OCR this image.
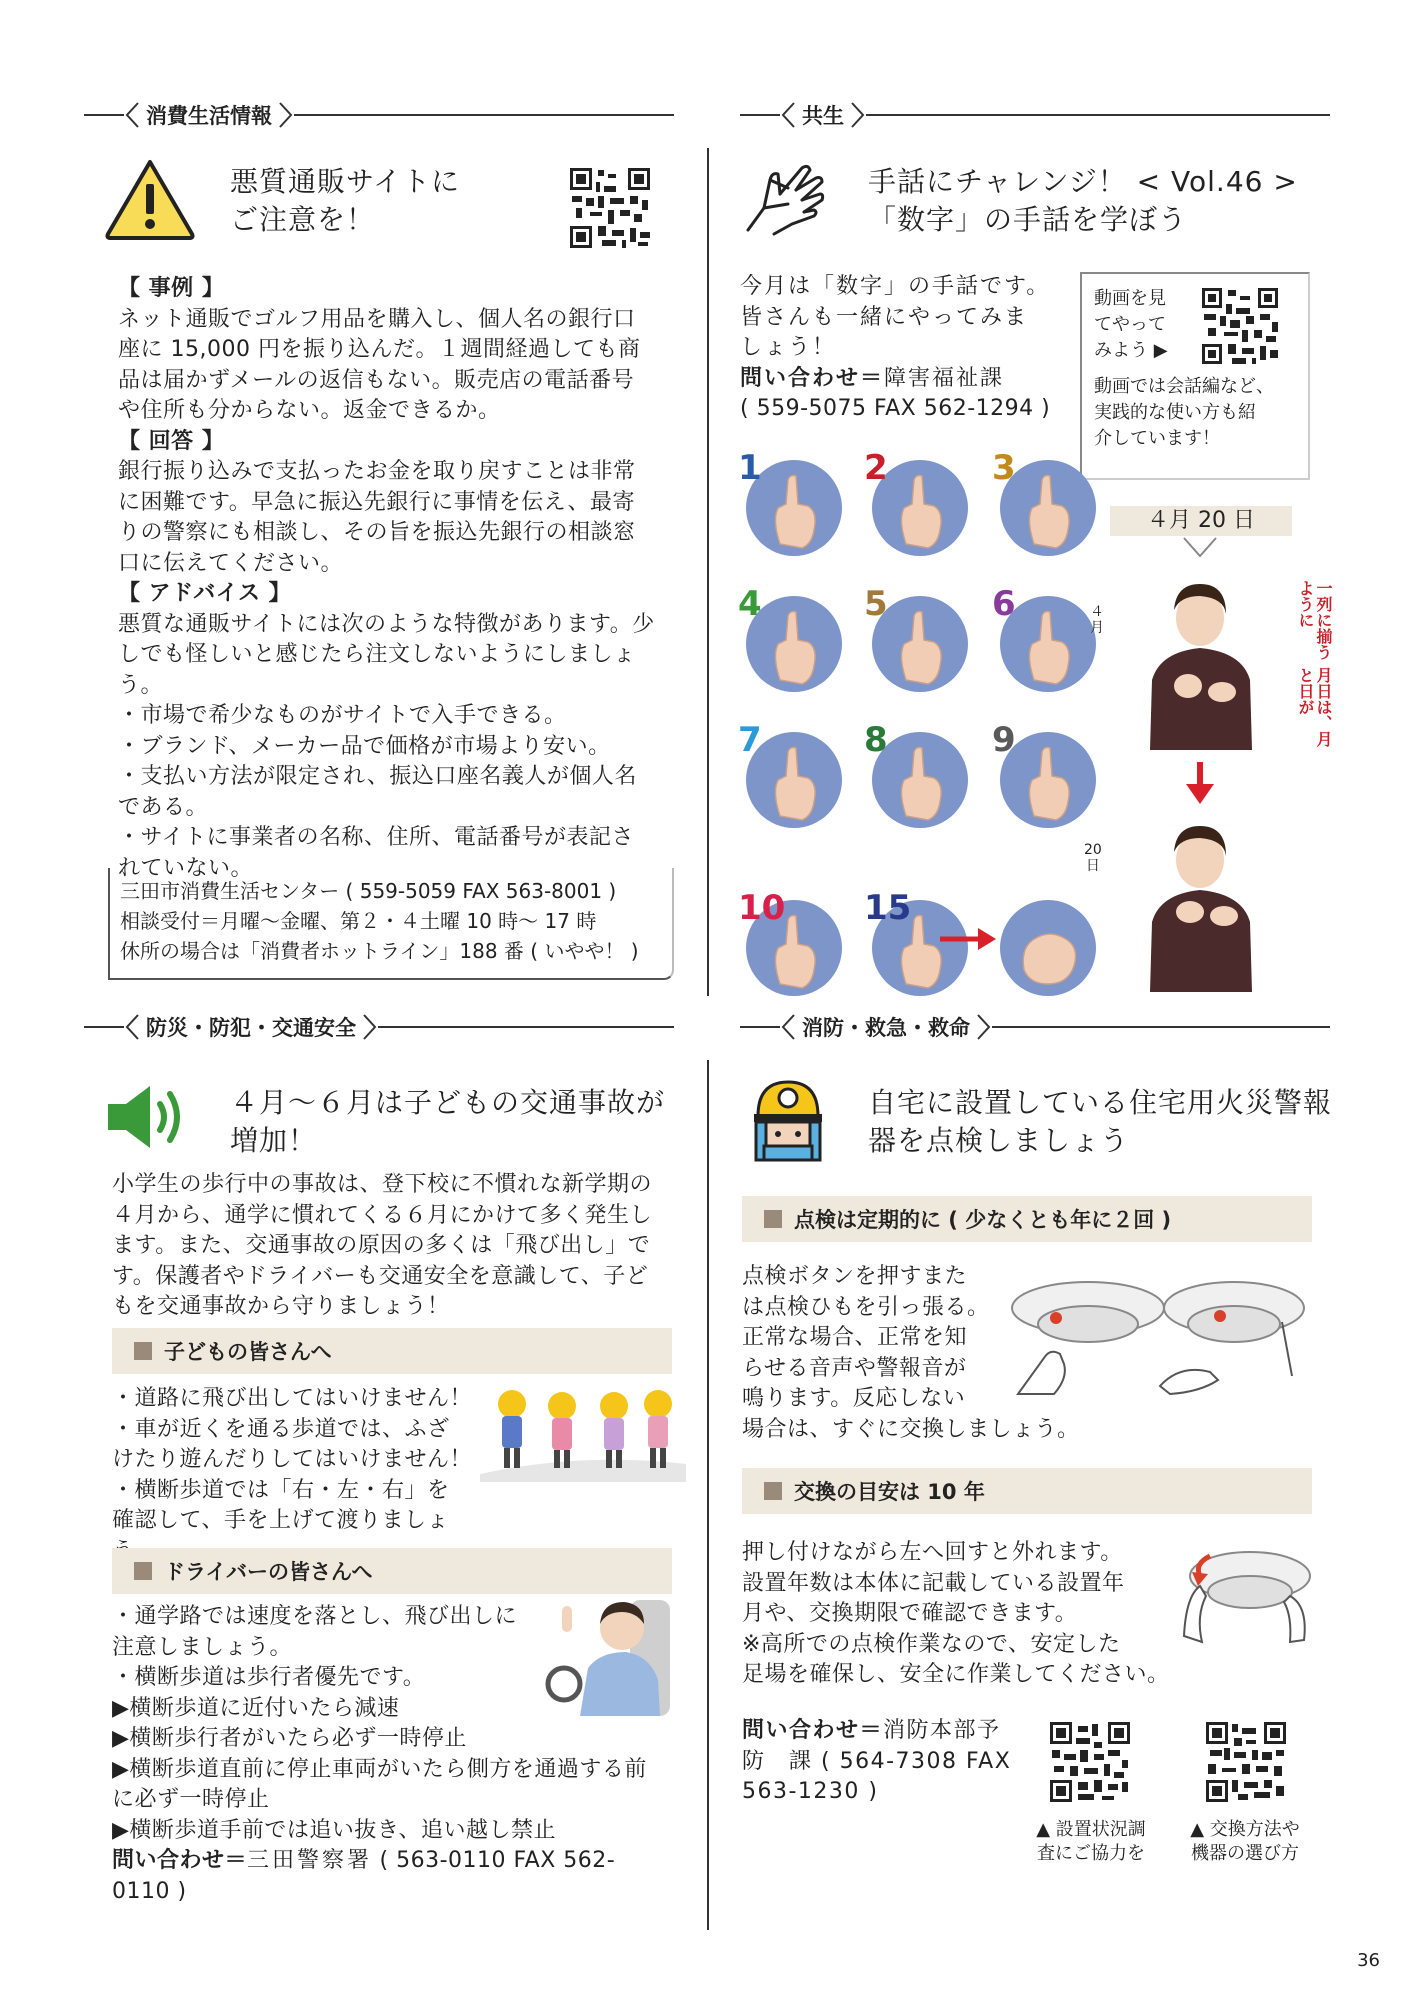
消費生活情報	共生
防災・防犯・交通安全	消防・救急・救命
悪質通販サイトに
ご注意を！
【 事例 】
ネット通販でゴルフ用品を購入し、個人名の銀行口
座に 15,000 円を振り込んだ。１週間経過しても商
品は届かずメールの返信もない。販売店の電話番号
や住所も分からない。返金できるか。
【 回答 】
銀行振り込みで支払ったお金を取り戻すことは非常
に困難です。早急に振込先銀行に事情を伝え、最寄
りの警察にも相談し、その旨を振込先銀行の相談窓
口に伝えてください。
【 アドバイス 】
悪質な通販サイトには次のような特徴があります。少
しでも怪しいと感じたら注文しないようにしましょう。
・市場で希少なものがサイトで入手できる。
・ブランド、メーカー品で価格が市場より安い。
・支払い方法が限定され、振込口座名義人が個人名
である。
・サイトに事業者の名称、住所、電話番号が表記さ
れていない。
三田市消費生活センター ( 559-5059 FAX 563-8001 )
相談受付＝月曜～金曜、第２・４土曜 10 時～ 17 時
休所の場合は「消費者ホットライン」188 番 ( いやや！ )
手話にチャレンジ！ < Vol.46 >
「数字」の手話を学ぼう
今月は「数字」の手話です。
皆さんも一緒にやってみま
しょう！
問い合わせ＝障害福祉課
( 559-5075 FAX 562-1294 )
動画を見
てやって
みよう ▶
動画では会話編など、
実践的な使い方も紹
介しています！
４月 20 日
1	2	3
4	5	6
7	8	9
10 15
４
月
月日は、月と日が
一列に揃うように
20
日
４月～６月は子どもの交通事故が
増加！
小学生の歩行中の事故は、登下校に不慣れな新学期の
４月から、通学に慣れてくる６月にかけて多く発生し
ます。また、交通事故の原因の多くは「飛び出し」で
す。保護者やドライバーも交通安全を意識して、子ど
もを交通事故から守りましょう！
子どもの皆さんへ
・道路に飛び出してはいけません！
・車が近くを通る歩道では、ふざ
けたり遊んだりしてはいけません！
・横断歩道では「右・左・右」を
確認して、手を上げて渡りましょ
ドライバーの皆さんへ
・通学路では速度を落とし、飛び出しに
注意しましょう。
・横断歩道は歩行者優先です。
▶横断歩道に近付いたら減速
▶横断歩行者がいたら必ず一時停止
▶横断歩道直前に停止車両がいたら側方を通過する前
に必ず一時停止
▶横断歩道手前では追い抜き、追い越し禁止
問い合わせ＝三田警察署 ( 563-0110 FAX 562-
0110 )
自宅に設置している住宅用火災警報
器を点検しましょう
点検は定期的に ( 少なくとも年に２回 )
点検ボタンを押すまた
は点検ひもを引っ張る。
正常な場合、正常を知
らせる音声や警報音が
鳴ります。反応しない
場合は、すぐに交換しましょう。
交換の目安は 10 年
押し付けながら左へ回すと外れます。
設置年数は本体に記載している設置年
月や、交換期限で確認できます。
※高所での点検作業なので、安定した
足場を確保し、安全に作業してください。
問い合わせ＝消防本部予
防　課 ( 564-7308 FAX
563-1230 )
▲ 設置状況調
査にご協力を
▲ 交換方法や
機器の選び方
36
